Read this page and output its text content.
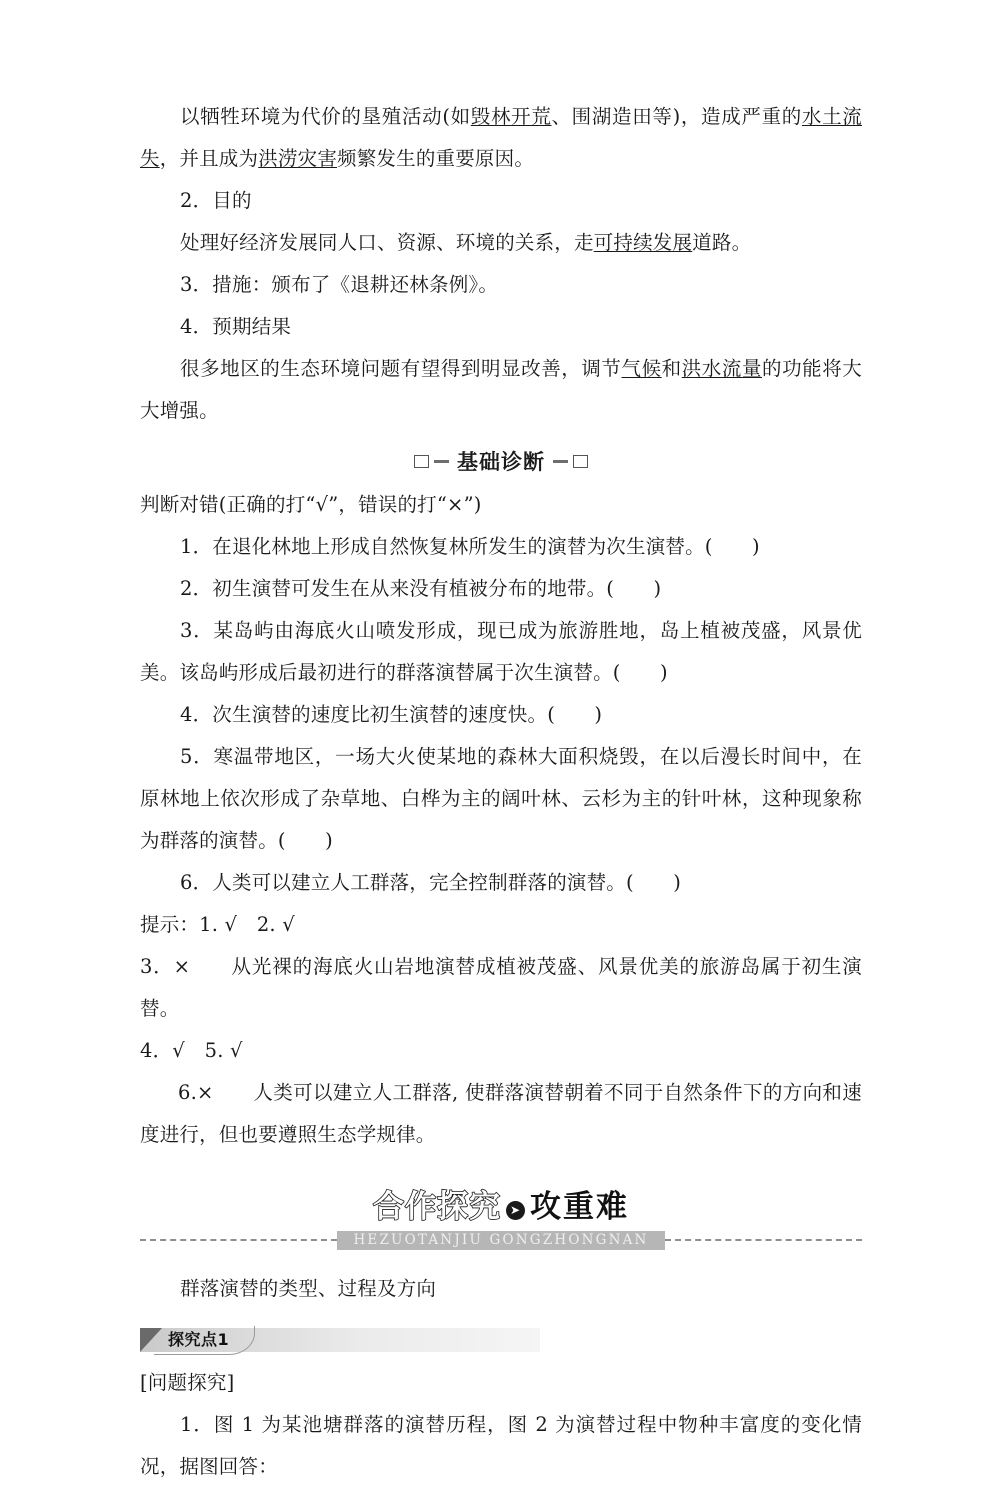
以牺牲环境为代价的垦殖活动(如毁林开荒、围湖造田等)，造成严重的水土流失，并且成为洪涝灾害频繁发生的重要原因。

2．目的

处理好经济发展同人口、资源、环境的关系，走可持续发展道路。

3．措施：颁布了《退耕还林条例》。

4．预期结果

很多地区的生态环境问题有望得到明显改善，调节气候和洪水流量的功能将大大增强。

基础诊断

判断对错(正确的打“√”，错误的打“×”)

1．在退化林地上形成自然恢复林所发生的演替为次生演替。(　　)

2．初生演替可发生在从来没有植被分布的地带。(　　)

3．某岛屿由海底火山喷发形成，现已成为旅游胜地，岛上植被茂盛，风景优美。该岛屿形成后最初进行的群落演替属于次生演替。(　　)

4．次生演替的速度比初生演替的速度快。(　　)

5．寒温带地区，一场大火使某地的森林大面积烧毁，在以后漫长时间中，在原林地上依次形成了杂草地、白桦为主的阔叶林、云杉为主的针叶林，这种现象称为群落的演替。(　　)

6．人类可以建立人工群落，完全控制群落的演替。(　　)

提示：1. √　2. √

3．×　　从光裸的海底火山岩地演替成植被茂盛、风景优美的旅游岛属于初生演替。

4．√　5. √

6.×　　人类可以建立人工群落, 使群落演替朝着不同于自然条件下的方向和速度进行，但也要遵照生态学规律。

合作探究 ➤ 攻重难
HEZUOTANJIU GONGZHONGNAN

群落演替的类型、过程及方向

探究点1

[问题探究]

1．图 1 为某池塘群落的演替历程，图 2 为演替过程中物种丰富度的变化情况，据图回答：
